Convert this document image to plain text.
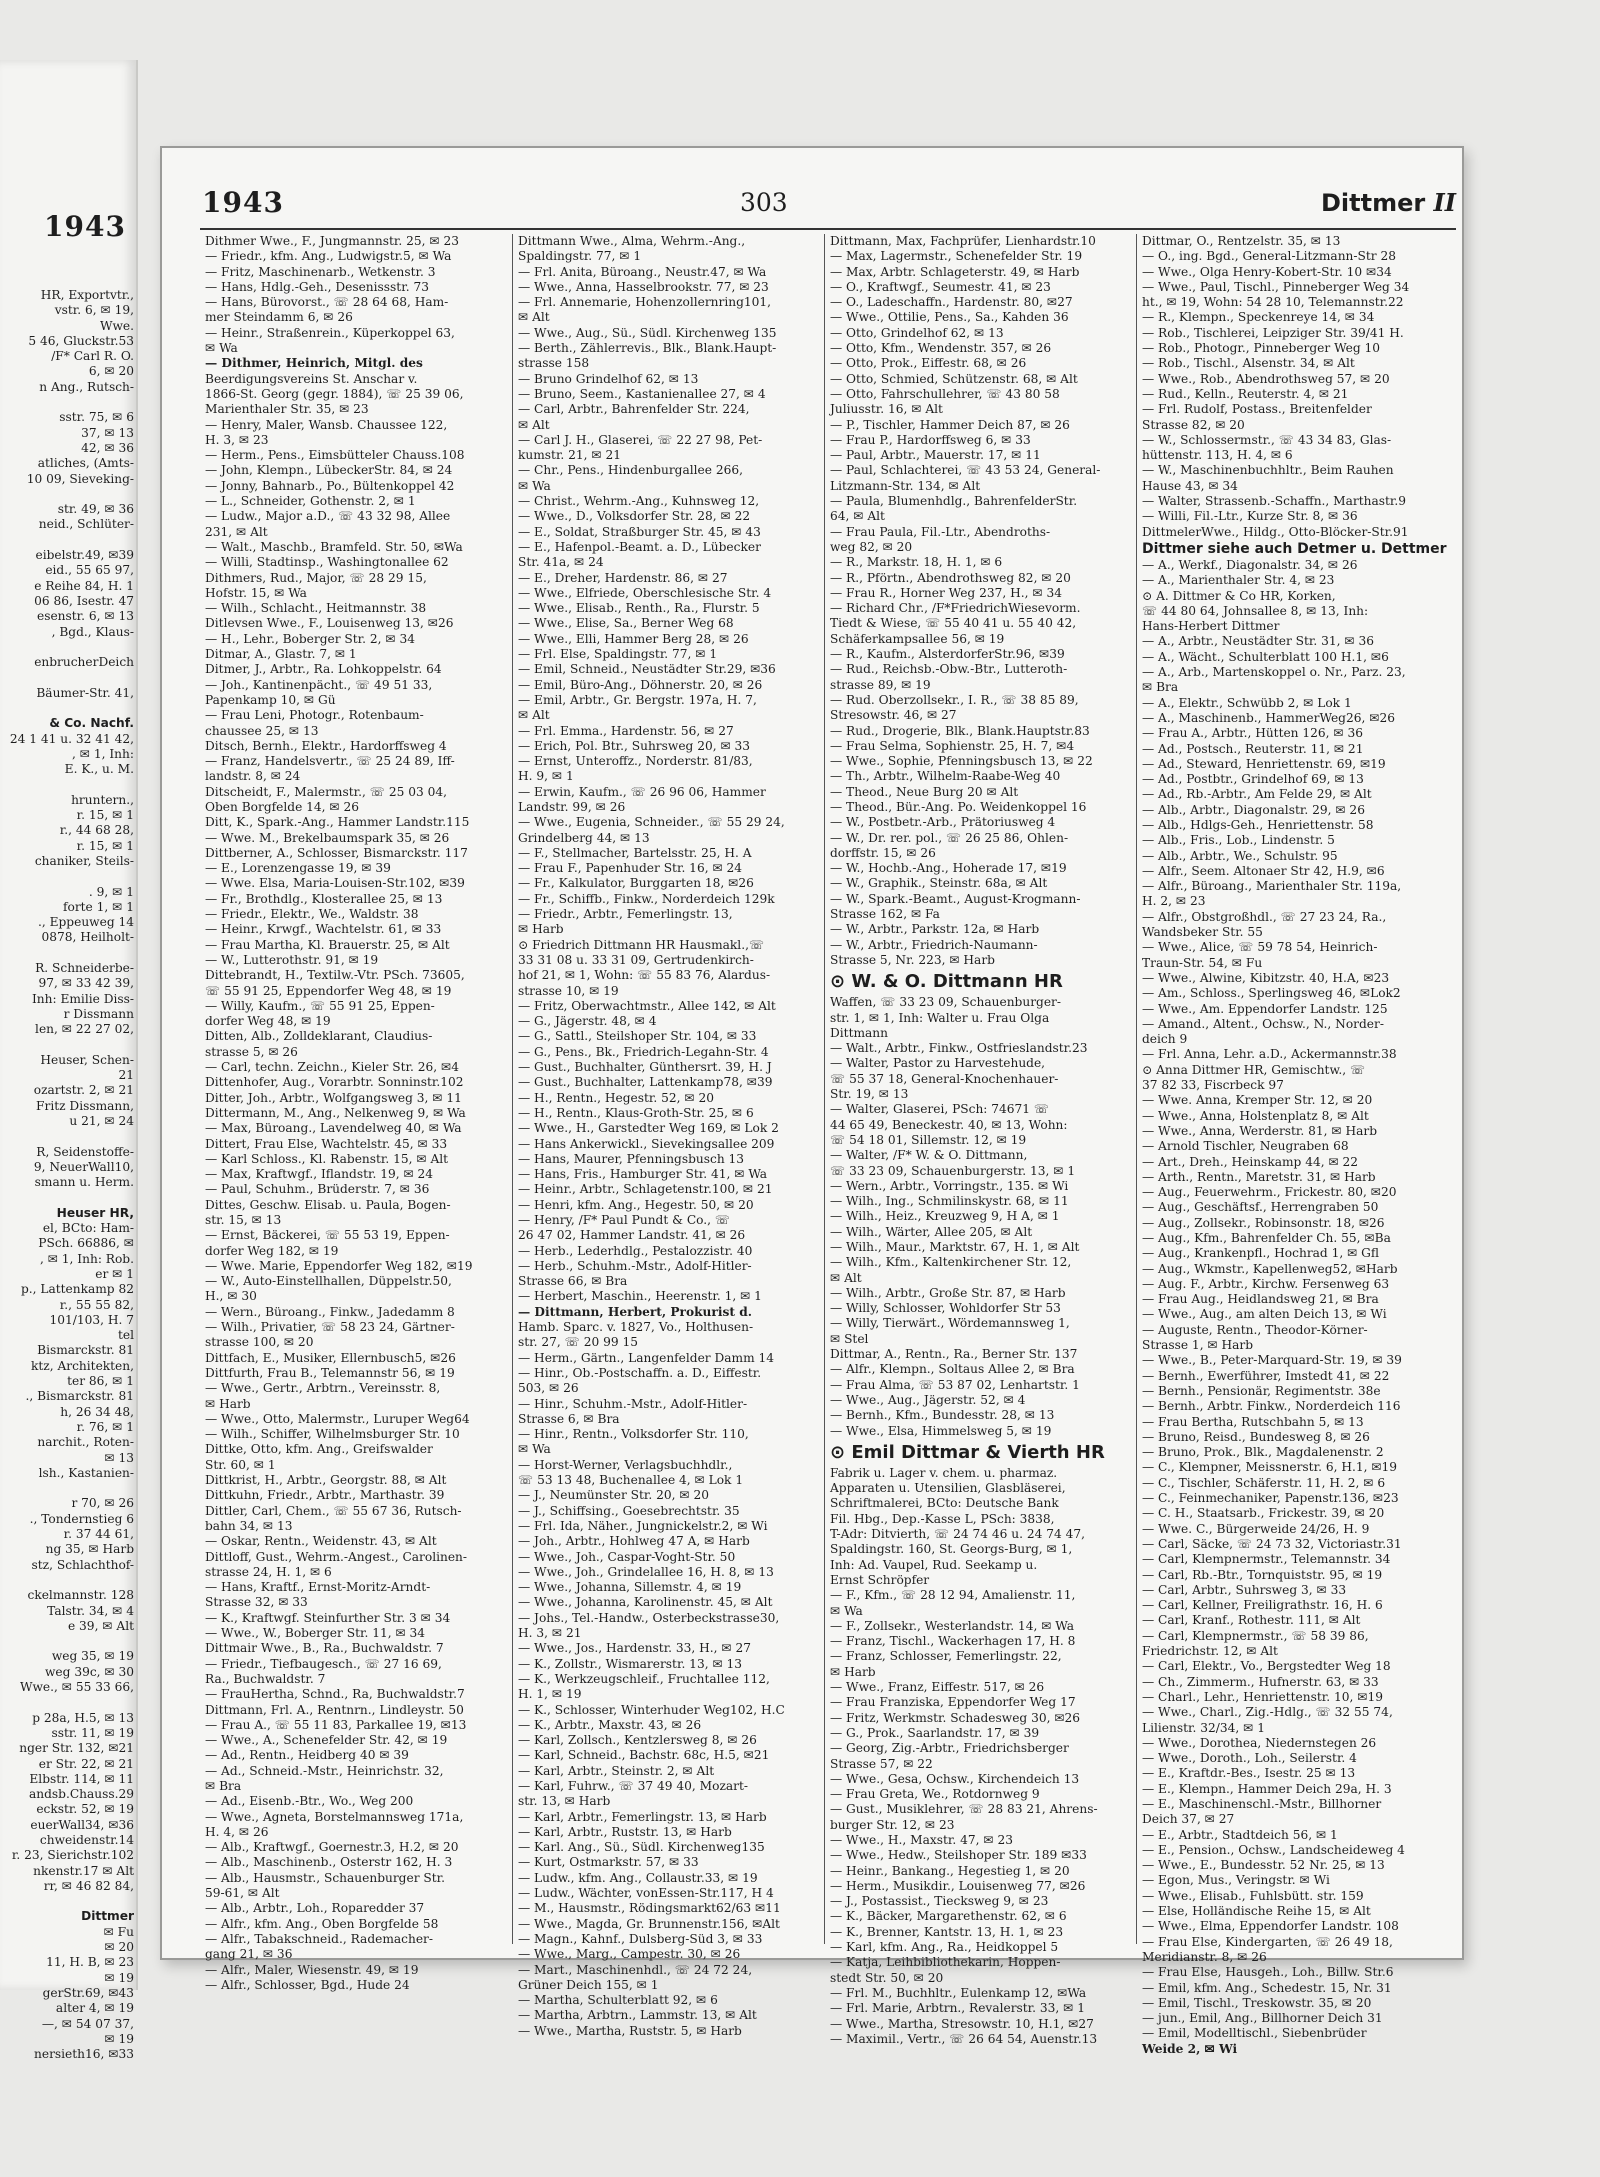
1943
HR, Exportvtr.,
vstr. 6, ✉ 19,
Wwe.
5 46, Gluckstr.53
/F* Carl R. O.
6, ✉ 20
n Ang., Rutsch-

sstr. 75, ✉ 6
37, ✉ 13
42, ✉ 36
atliches, (Amts-
10 09, Sieveking-

str. 49, ✉ 36
neid., Schlüter-

eibelstr.49, ✉39
eid., 55 65 97,
e Reihe 84, H. 1
06 86, Isestr. 47
esenstr. 6, ✉ 13
, Bgd., Klaus-

enbrucherDeich

Bäumer-Str. 41,

& Co. Nachf.
24 1 41 u. 32 41 42,
, ✉ 1, Inh:
E. K., u. M.

hruntern.,
r. 15, ✉ 1
r., 44 68 28,
r. 15, ✉ 1
chaniker, Steils-

. 9, ✉ 1
forte 1, ✉ 1
., Eppeuweg 14
0878, Heilholt-

R. Schneiderbe-
97, ✉ 33 42 39,
Inh: Emilie Diss-
r Dissmann
len, ✉ 22 27 02,

Heuser, Schen-
21
ozartstr. 2, ✉ 21
Fritz Dissmann,
u 21, ✉ 24

R, Seidenstoffe-
9, NeuerWall10,
smann u. Herm.

Heuser HR,
el, BCto: Ham-
PSch. 66886, ✉
, ✉ 1, Inh: Rob.
er ✉ 1
p., Lattenkamp 82
r., 55 55 82,
101/103, H. 7
tel
Bismarckstr. 81
ktz, Architekten,
ter 86, ✉ 1
., Bismarckstr. 81
h, 26 34 48,
r. 76, ✉ 1
narchit., Roten-
✉ 13
lsh., Kastanien-

r 70, ✉ 26
., Tondernstieg 6
r. 37 44 61,
ng 35, ✉ Harb
stz, Schlachthof-

ckelmannstr. 128
Talstr. 34, ✉ 4
e 39, ✉ Alt

weg 35, ✉ 19
weg 39c, ✉ 30
Wwe., ✉ 55 33 66,

p 28a, H.5, ✉ 13
sstr. 11, ✉ 19
nger Str. 132, ✉21
er Str. 22, ✉ 21
Elbstr. 114, ✉ 11
andsb.Chauss.29
eckstr. 52, ✉ 19
euerWall34, ✉36
chweidenstr.14
r. 23, Sierichstr.102
nkenstr.17 ✉ Alt
rr, ✉ 46 82 84,

Dittmer
✉ Fu
✉ 20
11, H. B, ✉ 23
✉ 19
gerStr.69, ✉43
alter 4, ✉ 19
—, ✉ 54 07 37,
✉ 19
nersieth16, ✉33
1943	303	Dittmer II
Dithmer Wwe., F., Jungmannstr. 25, ✉ 23
— Friedr., kfm. Ang., Ludwigstr.5, ✉ Wa
— Fritz, Maschinenarb., Wetkenstr. 3
— Hans, Hdlg.-Geh., Desenissstr. 73
— Hans, Bürovorst., ☏ 28 64 68, Ham-
mer Steindamm 6, ✉ 26
— Heinr., Straßenrein., Küperkoppel 63,
✉ Wa
— Dithmer, Heinrich, Mitgl. des
Beerdigungsvereins St. Anschar v.
1866-St. Georg (gegr. 1884), ☏ 25 39 06,
Marienthaler Str. 35, ✉ 23
— Henry, Maler, Wansb. Chaussee 122,
H. 3, ✉ 23
— Herm., Pens., Eimsbütteler Chauss.108
— John, Klempn., LübeckerStr. 84, ✉ 24
— Jonny, Bahnarb., Po., Bültenkoppel 42
— L., Schneider, Gothenstr. 2, ✉ 1
— Ludw., Major a.D., ☏ 43 32 98, Allee
231, ✉ Alt
— Walt., Maschb., Bramfeld. Str. 50, ✉Wa
— Willi, Stadtinsp., Washingtonallee 62
Dithmers, Rud., Major, ☏ 28 29 15,
Hofstr. 15, ✉ Wa
— Wilh., Schlacht., Heitmannstr. 38
Ditlevsen Wwe., F., Louisenweg 13, ✉26
— H., Lehr., Boberger Str. 2, ✉ 34
Ditmar, A., Glastr. 7, ✉ 1
Ditmer, J., Arbtr., Ra. Lohkoppelstr. 64
— Joh., Kantinenpächt., ☏ 49 51 33,
Papenkamp 10, ✉ Gü
— Frau Leni, Photogr., Rotenbaum-
chaussee 25, ✉ 13
Ditsch, Bernh., Elektr., Hardorffsweg 4
— Franz, Handelsvertr., ☏ 25 24 89, Iff-
landstr. 8, ✉ 24
Ditscheidt, F., Malermstr., ☏ 25 03 04,
Oben Borgfelde 14, ✉ 26
Ditt, K., Spark.-Ang., Hammer Landstr.115
— Wwe. M., Brekelbaumspark 35, ✉ 26
Dittberner, A., Schlosser, Bismarckstr. 117
— E., Lorenzengasse 19, ✉ 39
— Wwe. Elsa, Maria-Louisen-Str.102, ✉39
— Fr., Brothdlg., Klosterallee 25, ✉ 13
— Friedr., Elektr., We., Waldstr. 38
— Heinr., Krwgf., Wachtelstr. 61, ✉ 33
— Frau Martha, Kl. Brauerstr. 25, ✉ Alt
— W., Lutterothstr. 91, ✉ 19
Dittebrandt, H., Textilw.-Vtr. PSch. 73605,
☏ 55 91 25, Eppendorfer Weg 48, ✉ 19
— Willy, Kaufm., ☏ 55 91 25, Eppen-
dorfer Weg 48, ✉ 19
Ditten, Alb., Zolldeklarant, Claudius-
strasse 5, ✉ 26
— Carl, techn. Zeichn., Kieler Str. 26, ✉4
Dittenhofer, Aug., Vorarbtr. Sonninstr.102
Ditter, Joh., Arbtr., Wolfgangsweg 3, ✉ 11
Dittermann, M., Ang., Nelkenweg 9, ✉ Wa
— Max, Büroang., Lavendelweg 40, ✉ Wa
Dittert, Frau Else, Wachtelstr. 45, ✉ 33
— Karl Schloss., Kl. Rabenstr. 15, ✉ Alt
— Max, Kraftwgf., Iflandstr. 19, ✉ 24
— Paul, Schuhm., Brüderstr. 7, ✉ 36
Dittes, Geschw. Elisab. u. Paula, Bogen-
str. 15, ✉ 13
— Ernst, Bäckerei, ☏ 55 53 19, Eppen-
dorfer Weg 182, ✉ 19
— Wwe. Marie, Eppendorfer Weg 182, ✉19
— W., Auto-Einstellhallen, Düppelstr.50,
H., ✉ 30
— Wern., Büroang., Finkw., Jadedamm 8
— Wilh., Privatier, ☏ 58 23 24, Gärtner-
strasse 100, ✉ 20
Dittfach, E., Musiker, Ellernbusch5, ✉26
Dittfurth, Frau B., Telemannstr 56, ✉ 19
— Wwe., Gertr., Arbtrn., Vereinsstr. 8,
✉ Harb
— Wwe., Otto, Malermstr., Luruper Weg64
— Wilh., Schiffer, Wilhelmsburger Str. 10
Dittke, Otto, kfm. Ang., Greifswalder
Str. 60, ✉ 1
Dittkrist, H., Arbtr., Georgstr. 88, ✉ Alt
Dittkuhn, Friedr., Arbtr., Marthastr. 39
Dittler, Carl, Chem., ☏ 55 67 36, Rutsch-
bahn 34, ✉ 13
— Oskar, Rentn., Weidenstr. 43, ✉ Alt
Dittloff, Gust., Wehrm.-Angest., Carolinen-
strasse 24, H. 1, ✉ 6
— Hans, Kraftf., Ernst-Moritz-Arndt-
Strasse 32, ✉ 33
— K., Kraftwgf. Steinfurther Str. 3 ✉ 34
— Wwe., W., Boberger Str. 11, ✉ 34
Dittmair Wwe., B., Ra., Buchwaldstr. 7
— Friedr., Tiefbaugesch., ☏ 27 16 69,
Ra., Buchwaldstr. 7
— FrauHertha, Schnd., Ra, Buchwaldstr.7
Dittmann, Frl. A., Rentnrn., Lindleystr. 50
— Frau A., ☏ 55 11 83, Parkallee 19, ✉13
— Wwe., A., Schenefelder Str. 42, ✉ 19
— Ad., Rentn., Heidberg 40 ✉ 39
— Ad., Schneid.-Mstr., Heinrichstr. 32,
✉ Bra
— Ad., Eisenb.-Btr., Wo., Weg 200
— Wwe., Agneta, Borstelmannsweg 171a,
H. 4, ✉ 26
— Alb., Kraftwgf., Goernestr.3, H.2, ✉ 20
— Alb., Maschinenb., Osterstr 162, H. 3
— Alb., Hausmstr., Schauenburger Str.
59-61, ✉ Alt
— Alb., Arbtr., Loh., Roparedder 37
— Alfr., kfm. Ang., Oben Borgfelde 58
— Alfr., Tabakschneid., Rademacher-
gang 21, ✉ 36
— Alfr., Maler, Wiesenstr. 49, ✉ 19
— Alfr., Schlosser, Bgd., Hude 24
Dittmann Wwe., Alma, Wehrm.-Ang.,
Spaldingstr. 77, ✉ 1
— Frl. Anita, Büroang., Neustr.47, ✉ Wa
— Wwe., Anna, Hasselbrookstr. 77, ✉ 23
— Frl. Annemarie, Hohenzollernring101,
✉ Alt
— Wwe., Aug., Sü., Südl. Kirchenweg 135
— Berth., Zählerrevis., Blk., Blank.Haupt-
strasse 158
— Bruno Grindelhof 62, ✉ 13
— Bruno, Seem., Kastanienallee 27, ✉ 4
— Carl, Arbtr., Bahrenfelder Str. 224,
✉ Alt
— Carl J. H., Glaserei, ☏ 22 27 98, Pet-
kumstr. 21, ✉ 21
— Chr., Pens., Hindenburgallee 266,
✉ Wa
— Christ., Wehrm.-Ang., Kuhnsweg 12,
— Wwe., D., Volksdorfer Str. 28, ✉ 22
— E., Soldat, Straßburger Str. 45, ✉ 43
— E., Hafenpol.-Beamt. a. D., Lübecker
Str. 41a, ✉ 24
— E., Dreher, Hardenstr. 86, ✉ 27
— Wwe., Elfriede, Oberschlesische Str. 4
— Wwe., Elisab., Renth., Ra., Flurstr. 5
— Wwe., Elise, Sa., Berner Weg 68
— Wwe., Elli, Hammer Berg 28, ✉ 26
— Frl. Else, Spaldingstr. 77, ✉ 1
— Emil, Schneid., Neustädter Str.29, ✉36
— Emil, Büro-Ang., Döhnerstr. 20, ✉ 26
— Emil, Arbtr., Gr. Bergstr. 197a, H. 7,
✉ Alt
— Frl. Emma., Hardenstr. 56, ✉ 27
— Erich, Pol. Btr., Suhrsweg 20, ✉ 33
— Ernst, Unteroffz., Norderstr. 81/83,
H. 9, ✉ 1
— Erwin, Kaufm., ☏ 26 96 06, Hammer
Landstr. 99, ✉ 26
— Wwe., Eugenia, Schneider., ☏ 55 29 24,
Grindelberg 44, ✉ 13
— F., Stellmacher, Bartelsstr. 25, H. A
— Frau F., Papenhuder Str. 16, ✉ 24
— Fr., Kalkulator, Burggarten 18, ✉26
— Fr., Schiffb., Finkw., Norderdeich 129k
— Friedr., Arbtr., Femerlingstr. 13,
✉ Harb
⊙ Friedrich Dittmann HR Hausmakl.,☏
33 31 08 u. 33 31 09, Gertrudenkirch-
hof 21, ✉ 1, Wohn: ☏ 55 83 76, Alardus-
strasse 10, ✉ 19
— Fritz, Oberwachtmstr., Allee 142, ✉ Alt
— G., Jägerstr. 48, ✉ 4
— G., Sattl., Steilshoper Str. 104, ✉ 33
— G., Pens., Bk., Friedrich-Legahn-Str. 4
— Gust., Buchhalter, Günthersrt. 39, H. J
— Gust., Buchhalter, Lattenkamp78, ✉39
— H., Rentn., Hegestr. 52, ✉ 20
— H., Rentn., Klaus-Groth-Str. 25, ✉ 6
— Wwe., H., Garstedter Weg 169, ✉ Lok 2
— Hans Ankerwickl., Sievekingsallee 209
— Hans, Maurer, Pfenningsbusch 13
— Hans, Fris., Hamburger Str. 41, ✉ Wa
— Heinr., Arbtr., Schlagetenstr.100, ✉ 21
— Henri, kfm. Ang., Hegestr. 50, ✉ 20
— Henry, /F* Paul Pundt & Co., ☏
26 47 02, Hammer Landstr. 41, ✉ 26
— Herb., Lederhdlg., Pestalozzistr. 40
— Herb., Schuhm.-Mstr., Adolf-Hitler-
Strasse 66, ✉ Bra
— Herbert, Maschin., Heerenstr. 1, ✉ 1
— Dittmann, Herbert, Prokurist d.
Hamb. Sparc. v. 1827, Vo., Holthusen-
str. 27, ☏ 20 99 15
— Herm., Gärtn., Langenfelder Damm 14
— Hinr., Ob.-Postschaffn. a. D., Eiffestr.
503, ✉ 26
— Hinr., Schuhm.-Mstr., Adolf-Hitler-
Strasse 6, ✉ Bra
— Hinr., Rentn., Volksdorfer Str. 110,
✉ Wa
— Horst-Werner, Verlagsbuchhdlr.,
☏ 53 13 48, Buchenallee 4, ✉ Lok 1
— J., Neumünster Str. 20, ✉ 20
— J., Schiffsing., Goesebrechtstr. 35
— Frl. Ida, Näher., Jungnickelstr.2, ✉ Wi
— Joh., Arbtr., Hohlweg 47 A, ✉ Harb
— Wwe., Joh., Caspar-Voght-Str. 50
— Wwe., Joh., Grindelallee 16, H. 8, ✉ 13
— Wwe., Johanna, Sillemstr. 4, ✉ 19
— Wwe., Johanna, Karolinenstr. 45, ✉ Alt
— Johs., Tel.-Handw., Osterbeckstrasse30,
H. 3, ✉ 21
— Wwe., Jos., Hardenstr. 33, H., ✉ 27
— K., Zollstr., Wismarerstr. 13, ✉ 13
— K., Werkzeugschleif., Fruchtallee 112,
H. 1, ✉ 19
— K., Schlosser, Winterhuder Weg102, H.C
— K., Arbtr., Maxstr. 43, ✉ 26
— Karl, Zollsch., Kentzlersweg 8, ✉ 26
— Karl, Schneid., Bachstr. 68c, H.5, ✉21
— Karl, Arbtr., Steinstr. 2, ✉ Alt
— Karl, Fuhrw., ☏ 37 49 40, Mozart-
str. 13, ✉ Harb
— Karl, Arbtr., Femerlingstr. 13, ✉ Harb
— Karl, Arbtr., Ruststr. 13, ✉ Harb
— Karl. Ang., Sü., Südl. Kirchenweg135
— Kurt, Ostmarkstr. 57, ✉ 33
— Ludw., kfm. Ang., Collaustr.33, ✉ 19
— Ludw., Wächter, vonEssen-Str.117, H 4
— M., Hausmstr., Rödingsmarkt62/63 ✉11
— Wwe., Magda, Gr. Brunnenstr.156, ✉Alt
— Magn., Kahnf., Dulsberg-Süd 3, ✉ 33
— Wwe., Marg., Campestr. 30, ✉ 26
— Mart., Maschinenhdl., ☏ 24 72 24,
Grüner Deich 155, ✉ 1
— Martha, Schulterblatt 92, ✉ 6
— Martha, Arbtrn., Lammstr. 13, ✉ Alt
— Wwe., Martha, Ruststr. 5, ✉ Harb
Dittmann, Max, Fachprüfer, Lienhardstr.10
— Max, Lagermstr., Schenefelder Str. 19
— Max, Arbtr. Schlageterstr. 49, ✉ Harb
— O., Kraftwgf., Seumestr. 41, ✉ 23
— O., Ladeschaffn., Hardenstr. 80, ✉27
— Wwe., Ottilie, Pens., Sa., Kahden 36
— Otto, Grindelhof 62, ✉ 13
— Otto, Kfm., Wendenstr. 357, ✉ 26
— Otto, Prok., Eiffestr. 68, ✉ 26
— Otto, Schmied, Schützenstr. 68, ✉ Alt
— Otto, Fahrschullehrer, ☏ 43 80 58
Juliusstr. 16, ✉ Alt
— P., Tischler, Hammer Deich 87, ✉ 26
— Frau P., Hardorffsweg 6, ✉ 33
— Paul, Arbtr., Mauerstr. 17, ✉ 11
— Paul, Schlachterei, ☏ 43 53 24, General-
Litzmann-Str. 134, ✉ Alt
— Paula, Blumenhdlg., BahrenfelderStr.
64, ✉ Alt
— Frau Paula, Fil.-Ltr., Abendroths-
weg 82, ✉ 20
— R., Markstr. 18, H. 1, ✉ 6
— R., Pförtn., Abendrothsweg 82, ✉ 20
— Frau R., Horner Weg 237, H., ✉ 34
— Richard Chr., /F*FriedrichWiesevorm.
Tiedt & Wiese, ☏ 55 40 41 u. 55 40 42,
Schäferkampsallee 56, ✉ 19
— R., Kaufm., AlsterdorferStr.96, ✉39
— Rud., Reichsb.-Obw.-Btr., Lutteroth-
strasse 89, ✉ 19
— Rud. Oberzollsekr., I. R., ☏ 38 85 89,
Stresowstr. 46, ✉ 27
— Rud., Drogerie, Blk., Blank.Hauptstr.83
— Frau Selma, Sophienstr. 25, H. 7, ✉4
— Wwe., Sophie, Pfenningsbusch 13, ✉ 22
— Th., Arbtr., Wilhelm-Raabe-Weg 40
— Theod., Neue Burg 20 ✉ Alt
— Theod., Bür.-Ang. Po. Weidenkoppel 16
— W., Postbetr.-Arb., Prätoriusweg 4
— W., Dr. rer. pol., ☏ 26 25 86, Ohlen-
dorffstr. 15, ✉ 26
— W., Hochb.-Ang., Hoherade 17, ✉19
— W., Graphik., Steinstr. 68a, ✉ Alt
— W., Spark.-Beamt., August-Krogmann-
Strasse 162, ✉ Fa
— W., Arbtr., Parkstr. 12a, ✉ Harb
— W., Arbtr., Friedrich-Naumann-
Strasse 5, Nr. 223, ✉ Harb
⊙ W. & O. Dittmann HR
Waffen, ☏ 33 23 09, Schauenburger-
str. 1, ✉ 1, Inh: Walter u. Frau Olga
Dittmann
— Walt., Arbtr., Finkw., Ostfrieslandstr.23
— Walter, Pastor zu Harvestehude,
☏ 55 37 18, General-Knochenhauer-
Str. 19, ✉ 13
— Walter, Glaserei, PSch: 74671 ☏
44 65 49, Beneckestr. 40, ✉ 13, Wohn:
☏ 54 18 01, Sillemstr. 12, ✉ 19
— Walter, /F* W. & O. Dittmann,
☏ 33 23 09, Schauenburgerstr. 13, ✉ 1
— Wern., Arbtr., Vorringstr., 135. ✉ Wi
— Wilh., Ing., Schmilinskystr. 68, ✉ 11
— Wilh., Heiz., Kreuzweg 9, H A, ✉ 1
— Wilh., Wärter, Allee 205, ✉ Alt
— Wilh., Maur., Marktstr. 67, H. 1, ✉ Alt
— Wilh., Kfm., Kaltenkirchener Str. 12,
✉ Alt
— Wilh., Arbtr., Große Str. 87, ✉ Harb
— Willy, Schlosser, Wohldorfer Str 53
— Willy, Tierwärt., Wördemannsweg 1,
✉ Stel
Dittmar, A., Rentn., Ra., Berner Str. 137
— Alfr., Klempn., Soltaus Allee 2, ✉ Bra
— Frau Alma, ☏ 53 87 02, Lenhartstr. 1
— Wwe., Aug., Jägerstr. 52, ✉ 4
— Bernh., Kfm., Bundesstr. 28, ✉ 13
— Wwe., Elsa, Himmelsweg 5, ✉ 19
⊙ Emil Dittmar & Vierth HR
Fabrik u. Lager v. chem. u. pharmaz.
Apparaten u. Utensilien, Glasbläserei,
Schriftmalerei, BCto: Deutsche Bank
Fil. Hbg., Dep.-Kasse L, PSch: 3838,
T-Adr: Ditvierth, ☏ 24 74 46 u. 24 74 47,
Spaldingstr. 160, St. Georgs-Burg, ✉ 1,
Inh: Ad. Vaupel, Rud. Seekamp u.
Ernst Schröpfer
— F., Kfm., ☏ 28 12 94, Amalienstr. 11,
✉ Wa
— F., Zollsekr., Westerlandstr. 14, ✉ Wa
— Franz, Tischl., Wackerhagen 17, H. 8
— Franz, Schlosser, Femerlingstr. 22,
✉ Harb
— Wwe., Franz, Eiffestr. 517, ✉ 26
— Frau Franziska, Eppendorfer Weg 17
— Fritz, Werkmstr. Schadesweg 30, ✉26
— G., Prok., Saarlandstr. 17, ✉ 39
— Georg, Zig.-Arbtr., Friedrichsberger
Strasse 57, ✉ 22
— Wwe., Gesa, Ochsw., Kirchendeich 13
— Frau Greta, We., Rotdornweg 9
— Gust., Musiklehrer, ☏ 28 83 21, Ahrens-
burger Str. 12, ✉ 23
— Wwe., H., Maxstr. 47, ✉ 23
— Wwe., Hedw., Steilshoper Str. 189 ✉33
— Heinr., Bankang., Hegestieg 1, ✉ 20
— Herm., Musikdir., Louisenweg 77, ✉26
— J., Postassist., Tiecksweg 9, ✉ 23
— K., Bäcker, Margarethenstr. 62, ✉ 6
— K., Brenner, Kantstr. 13, H. 1, ✉ 23
— Karl, kfm. Ang., Ra., Heidkoppel 5
— Katja, Leihbibliothekarin, Hoppen-
stedt Str. 50, ✉ 20
— Frl. M., Buchhltr., Eulenkamp 12, ✉Wa
— Frl. Marie, Arbtrn., Revalerstr. 33, ✉ 1
— Wwe., Martha, Stresowstr. 10, H.1, ✉27
— Maximil., Vertr., ☏ 26 64 54, Auenstr.13
Dittmar, O., Rentzelstr. 35, ✉ 13
— O., ing. Bgd., General-Litzmann-Str 28
— Wwe., Olga Henry-Kobert-Str. 10 ✉34
— Wwe., Paul, Tischl., Pinneberger Weg 34
ht., ✉ 19, Wohn: 54 28 10, Telemannstr.22
— R., Klempn., Speckenreye 14, ✉ 34
— Rob., Tischlerei, Leipziger Str. 39/41 H.
— Rob., Photogr., Pinneberger Weg 10
— Rob., Tischl., Alsenstr. 34, ✉ Alt
— Wwe., Rob., Abendrothsweg 57, ✉ 20
— Rud., Kelln., Reuterstr. 4, ✉ 21
— Frl. Rudolf, Postass., Breitenfelder
Strasse 82, ✉ 20
— W., Schlossermstr., ☏ 43 34 83, Glas-
hüttenstr. 113, H. 4, ✉ 6
— W., Maschinenbuchhltr., Beim Rauhen
Hause 43, ✉ 34
— Walter, Strassenb.-Schaffn., Marthastr.9
— Willi, Fil.-Ltr., Kurze Str. 8, ✉ 36
DittmelerWwe., Hildg., Otto-Blöcker-Str.91
Dittmer siehe auch Detmer u. Dettmer
— A., Werkf., Diagonalstr. 34, ✉ 26
— A., Marienthaler Str. 4, ✉ 23
⊙ A. Dittmer & Co HR, Korken,
☏ 44 80 64, Johnsallee 8, ✉ 13, Inh:
Hans-Herbert Dittmer
— A., Arbtr., Neustädter Str. 31, ✉ 36
— A., Wächt., Schulterblatt 100 H.1, ✉6
— A., Arb., Martenskoppel o. Nr., Parz. 23,
✉ Bra
— A., Elektr., Schwübb 2, ✉ Lok 1
— A., Maschinenb., HammerWeg26, ✉26
— Frau A., Arbtr., Hütten 126, ✉ 36
— Ad., Postsch., Reuterstr. 11, ✉ 21
— Ad., Steward, Henriettenstr. 69, ✉19
— Ad., Postbtr., Grindelhof 69, ✉ 13
— Ad., Rb.-Arbtr., Am Felde 29, ✉ Alt
— Alb., Arbtr., Diagonalstr. 29, ✉ 26
— Alb., Hdlgs-Geh., Henriettenstr. 58
— Alb., Fris., Lob., Lindenstr. 5
— Alb., Arbtr., We., Schulstr. 95
— Alfr., Seem. Altonaer Str 42, H.9, ✉6
— Alfr., Büroang., Marienthaler Str. 119a,
H. 2, ✉ 23
— Alfr., Obstgroßhdl., ☏ 27 23 24, Ra.,
Wandsbeker Str. 55
— Wwe., Alice, ☏ 59 78 54, Heinrich-
Traun-Str. 54, ✉ Fu
— Wwe., Alwine, Kibitzstr. 40, H.A, ✉23
— Am., Schloss., Sperlingsweg 46, ✉Lok2
— Wwe., Am. Eppendorfer Landstr. 125
— Amand., Altent., Ochsw., N., Norder-
deich 9
— Frl. Anna, Lehr. a.D., Ackermannstr.38
⊙ Anna Dittmer HR, Gemischtw., ☏
37 82 33, Fiscrbeck 97
— Wwe. Anna, Kremper Str. 12, ✉ 20
— Wwe., Anna, Holstenplatz 8, ✉ Alt
— Wwe., Anna, Werderstr. 81, ✉ Harb
— Arnold Tischler, Neugraben 68
— Art., Dreh., Heinskamp 44, ✉ 22
— Arth., Rentn., Maretstr. 31, ✉ Harb
— Aug., Feuerwehrm., Frickestr. 80, ✉20
— Aug., Geschäftsf., Herrengraben 50
— Aug., Zollsekr., Robinsonstr. 18, ✉26
— Aug., Kfm., Bahrenfelder Ch. 55, ✉Ba
— Aug., Krankenpfl., Hochrad 1, ✉ Gfl
— Aug., Wkmstr., Kapellenweg52, ✉Harb
— Aug. F., Arbtr., Kirchw. Fersenweg 63
— Frau Aug., Heidlandsweg 21, ✉ Bra
— Wwe., Aug., am alten Deich 13, ✉ Wi
— Auguste, Rentn., Theodor-Körner-
Strasse 1, ✉ Harb
— Wwe., B., Peter-Marquard-Str. 19, ✉ 39
— Bernh., Ewerführer, Imstedt 41, ✉ 22
— Bernh., Pensionär, Regimentstr. 38e
— Bernh., Arbtr. Finkw., Norderdeich 116
— Frau Bertha, Rutschbahn 5, ✉ 13
— Bruno, Reisd., Bundesweg 8, ✉ 26
— Bruno, Prok., Blk., Magdalenenstr. 2
— C., Klempner, Meissnerstr. 6, H.1, ✉19
— C., Tischler, Schäferstr. 11, H. 2, ✉ 6
— C., Feinmechaniker, Papenstr.136, ✉23
— C. H., Staatsarb., Frickestr. 39, ✉ 20
— Wwe. C., Bürgerweide 24/26, H. 9
— Carl, Säcke, ☏ 24 73 32, Victoriastr.31
— Carl, Klempnermstr., Telemannstr. 34
— Carl, Rb.-Btr., Tornquiststr. 95, ✉ 19
— Carl, Arbtr., Suhrsweg 3, ✉ 33
— Carl, Kellner, Freiligrathstr. 16, H. 6
— Carl, Kranf., Rothestr. 111, ✉ Alt
— Carl, Klempnermstr., ☏ 58 39 86,
Friedrichstr. 12, ✉ Alt
— Carl, Elektr., Vo., Bergstedter Weg 18
— Ch., Zimmerm., Hufnerstr. 63, ✉ 33
— Charl., Lehr., Henriettenstr. 10, ✉19
— Wwe., Charl., Zig.-Hdlg., ☏ 32 55 74,
Lilienstr. 32/34, ✉ 1
— Wwe., Dorothea, Niedernstegen 26
— Wwe., Doroth., Loh., Seilerstr. 4
— E., Kraftdr.-Bes., Isestr. 25 ✉ 13
— E., Klempn., Hammer Deich 29a, H. 3
— E., Maschinenschl.-Mstr., Billhorner
Deich 37, ✉ 27
— E., Arbtr., Stadtdeich 56, ✉ 1
— E., Pension., Ochsw., Landscheideweg 4
— Wwe., E., Bundesstr. 52 Nr. 25, ✉ 13
— Egon, Mus., Veringstr. ✉ Wi
— Wwe., Elisab., Fuhlsbütt. str. 159
— Else, Holländische Reihe 15, ✉ Alt
— Wwe., Elma, Eppendorfer Landstr. 108
— Frau Else, Kindergarten, ☏ 26 49 18,
Meridianstr. 8, ✉ 26
— Frau Else, Hausgeh., Loh., Billw. Str.6
— Emil, kfm. Ang., Schedestr. 15, Nr. 31
— Emil, Tischl., Treskowstr. 35, ✉ 20
— jun., Emil, Ang., Billhorner Deich 31
— Emil, Modelltischl., Siebenbrüder
Weide 2, ✉ Wi
